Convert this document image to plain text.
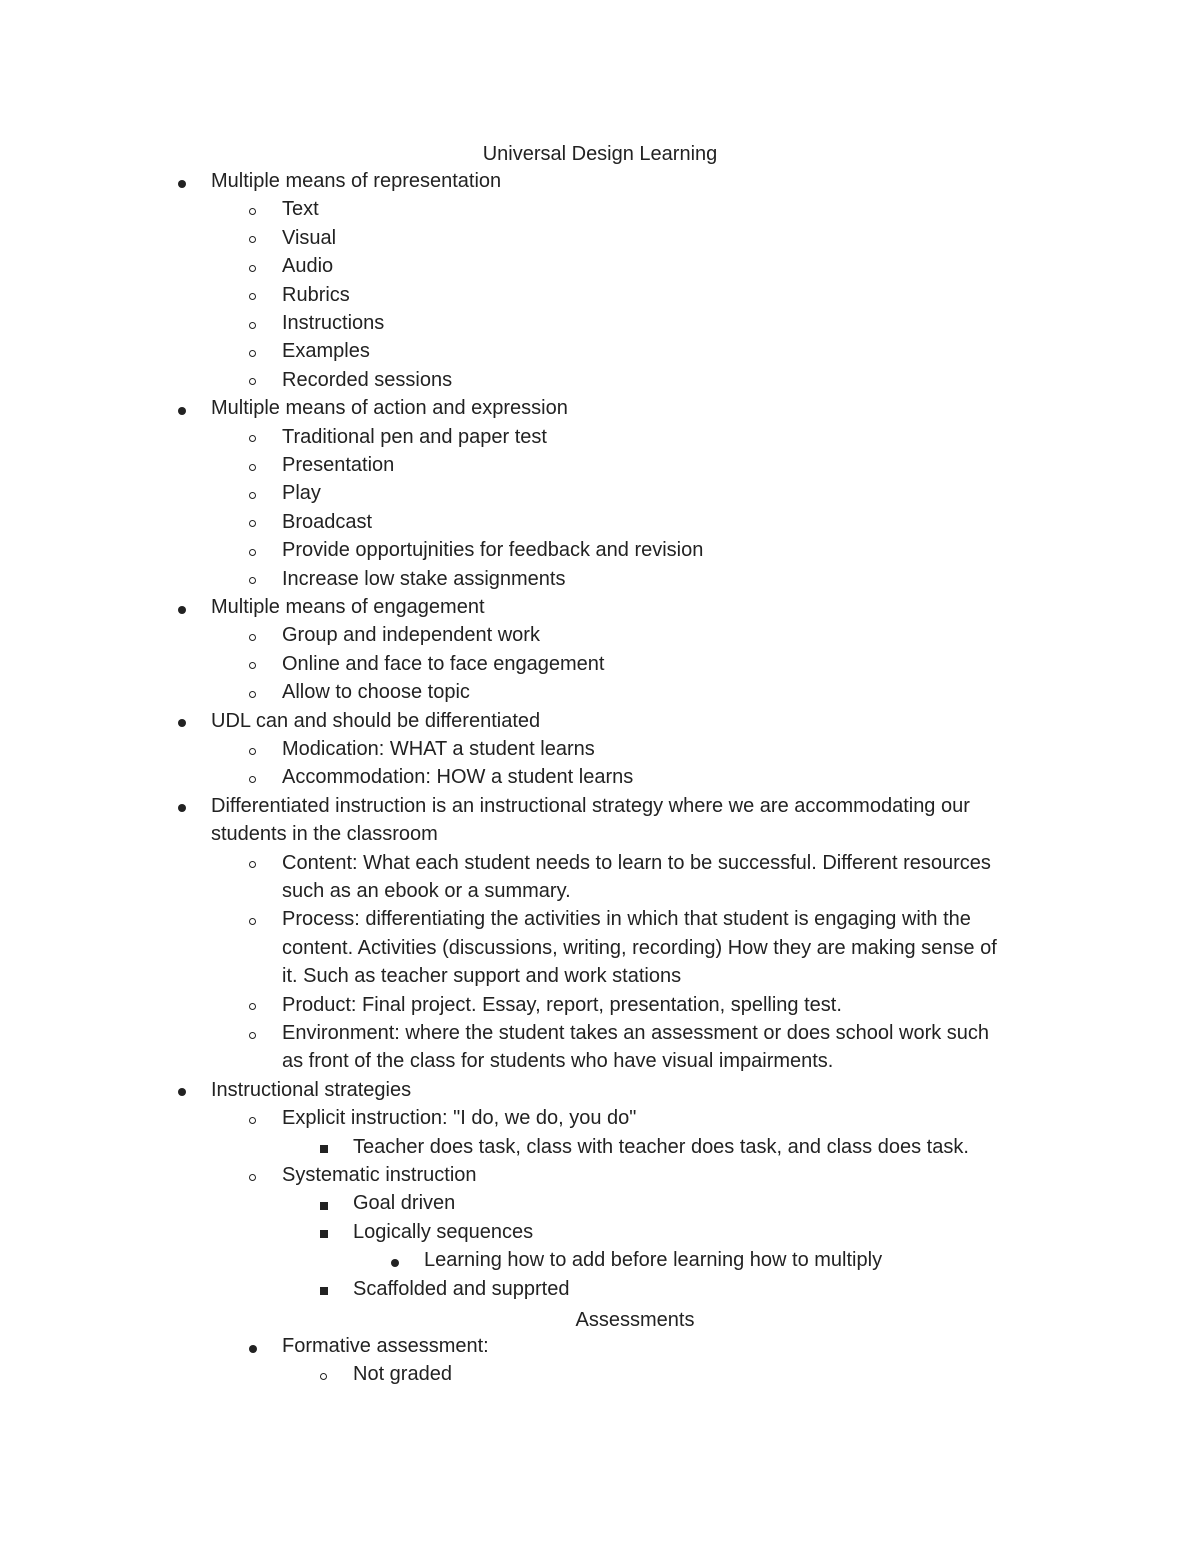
Universal Design Learning
Multiple means of representation
Text
Visual
Audio
Rubrics
Instructions
Examples
Recorded sessions
Multiple means of action and expression
Traditional pen and paper test
Presentation
Play
Broadcast
Provide opportujnities for feedback and revision
Increase low stake assignments
Multiple means of engagement
Group and independent work
Online and face to face engagement
Allow to choose topic
UDL can and should be differentiated
Modication: WHAT a student learns
Accommodation: HOW a student learns
Differentiated instruction is an instructional strategy where we are accommodating our
students in the classroom
Content: What each student needs to learn to be successful. Different resources
such as an ebook or a summary.
Process: differentiating the activities in which that student is engaging with the
content. Activities (discussions, writing, recording) How they are making sense of
it. Such as teacher support and work stations
Product: Final project. Essay, report, presentation, spelling test.
Environment: where the student takes an assessment or does school work such
as front of the class for students who have visual impairments.
Instructional strategies
Explicit instruction: "I do, we do, you do"
Teacher does task, class with teacher does task, and class does task.
Systematic instruction
Goal driven
Logically sequences
Learning how to add before learning how to multiply
Scaffolded and supprted
Assessments
Formative assessment:
Not graded
